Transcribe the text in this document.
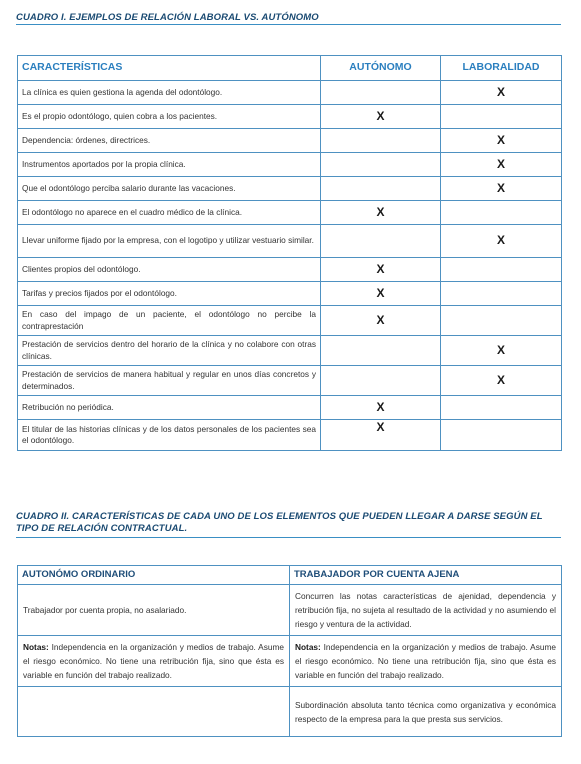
CUADRO I. EJEMPLOS DE RELACIÓN LABORAL VS. AUTÓNOMO
CARACTERÍSTICAS	AUTÓNOMO	LABORALIDAD
La clínica es quien gestiona la agenda del odontólogo.		X
Es el propio odontólogo, quien cobra a los pacientes.	X	
Dependencia: órdenes, directrices.		X
Instrumentos aportados por la propia clínica.		X
Que el odontólogo perciba salario durante las vacaciones.		X
El odontólogo no aparece en el cuadro médico de la clínica.	X	
Llevar uniforme fijado por la empresa, con el logotipo y utilizar vestuario similar.		X
Clientes propios del odontólogo.	X	
Tarifas y precios fijados por el odontólogo.	X	
En caso del impago de un paciente, el odontólogo no percibe la contraprestación	X	
Prestación de servicios dentro del horario de la clínica y no colabore con otras clínicas.		X
Prestación de servicios de manera habitual y regular en unos días concretos y determinados.		X
Retribución no periódica.	X	
El titular de las historias clínicas y de los datos personales de los pacientes sea el odontólogo.	X	
CUADRO II. CARACTERÍSTICAS DE CADA UNO DE LOS ELEMENTOS QUE PUEDEN LLEGAR A DARSE SEGÚN EL TIPO DE RELACIÓN CONTRACTUAL.
AUTONÓMO ORDINARIO	TRABAJADOR POR CUENTA AJENA
Trabajador por cuenta propia, no asalariado.	Concurren las notas características de ajenidad, dependencia y retribución fija, no sujeta al resultado de la actividad y no asumiendo el riesgo y ventura de la actividad.
Notas: Independencia en la organización y medios de trabajo. Asume el riesgo económico. No tiene una retribución fija, sino que ésta es variable en función del trabajo realizado.	Notas: Independencia en la organización y medios de trabajo. Asume el riesgo económico. No tiene una retribución fija, sino que ésta es variable en función del trabajo realizado.
	Subordinación absoluta tanto técnica como organizativa y económica respecto de la empresa para la que presta sus servicios.
